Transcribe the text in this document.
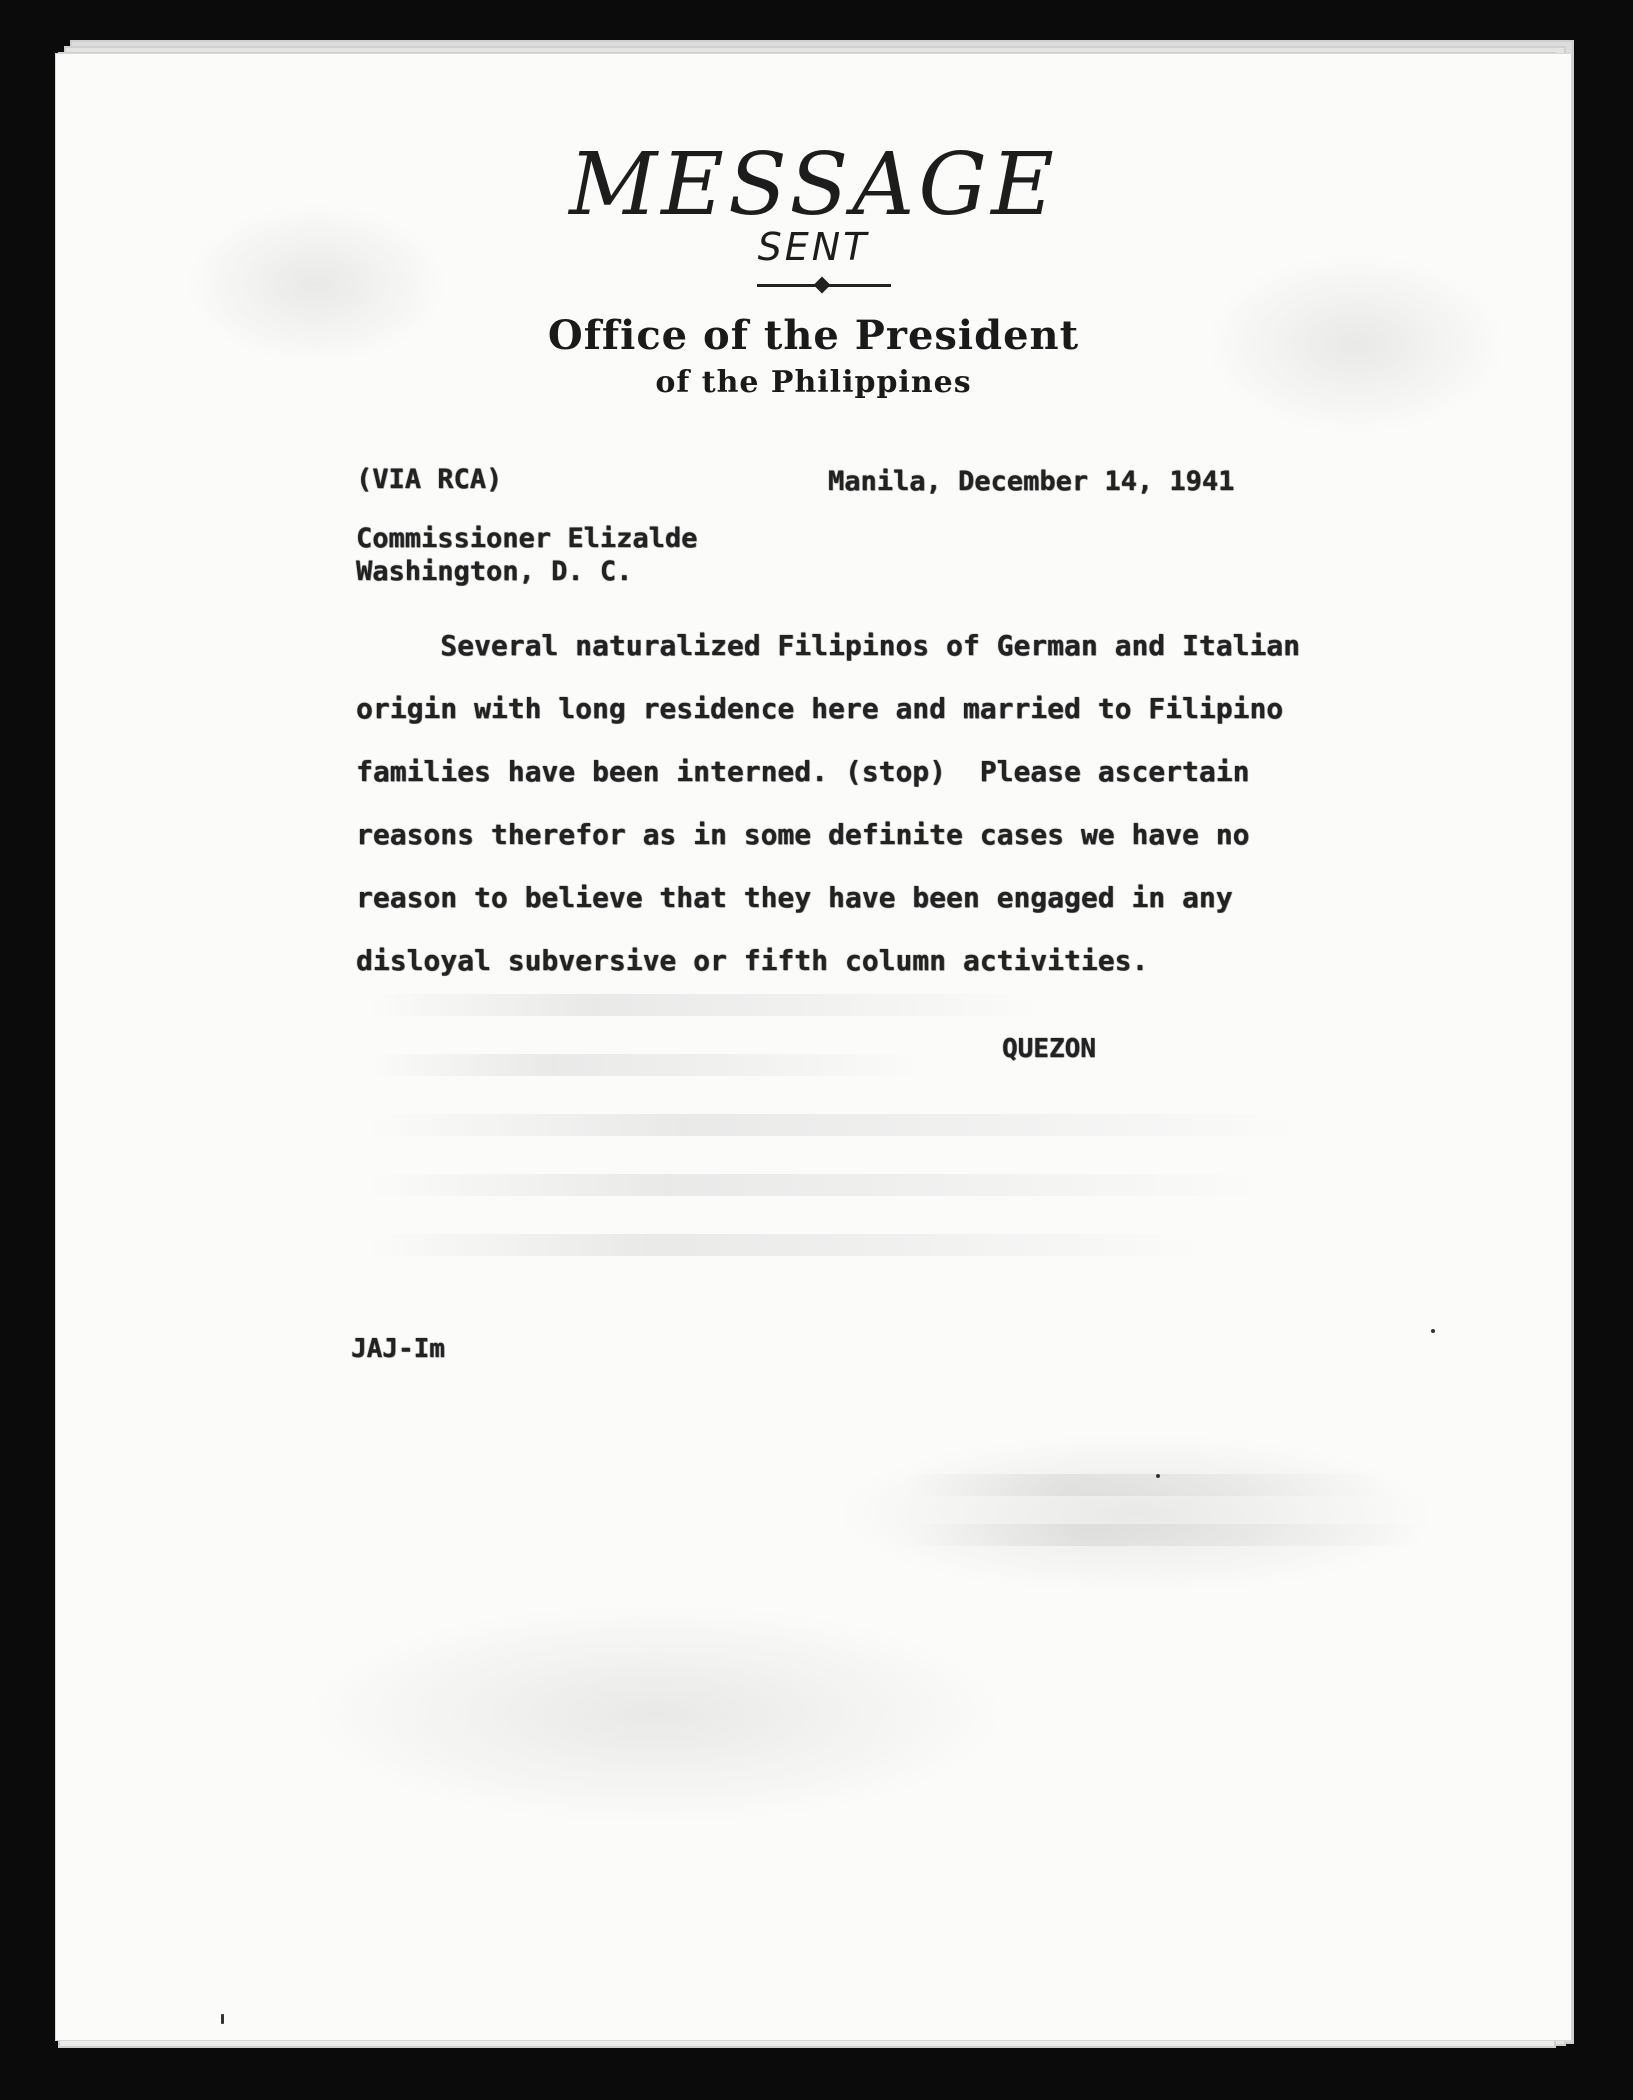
MESSAGE
SENT
Office of the President
of the Philippines
(VIA RCA)	Manila, December 14, 1941
Commissioner Elizalde
Washington, D. C.
Several naturalized Filipinos of German and Italian
origin with long residence here and married to Filipino
families have been interned. (stop)  Please ascertain
reasons therefor as in some definite cases we have no
reason to believe that they have been engaged in any
disloyal subversive or fifth column activities.
QUEZON
JAJ-Im
